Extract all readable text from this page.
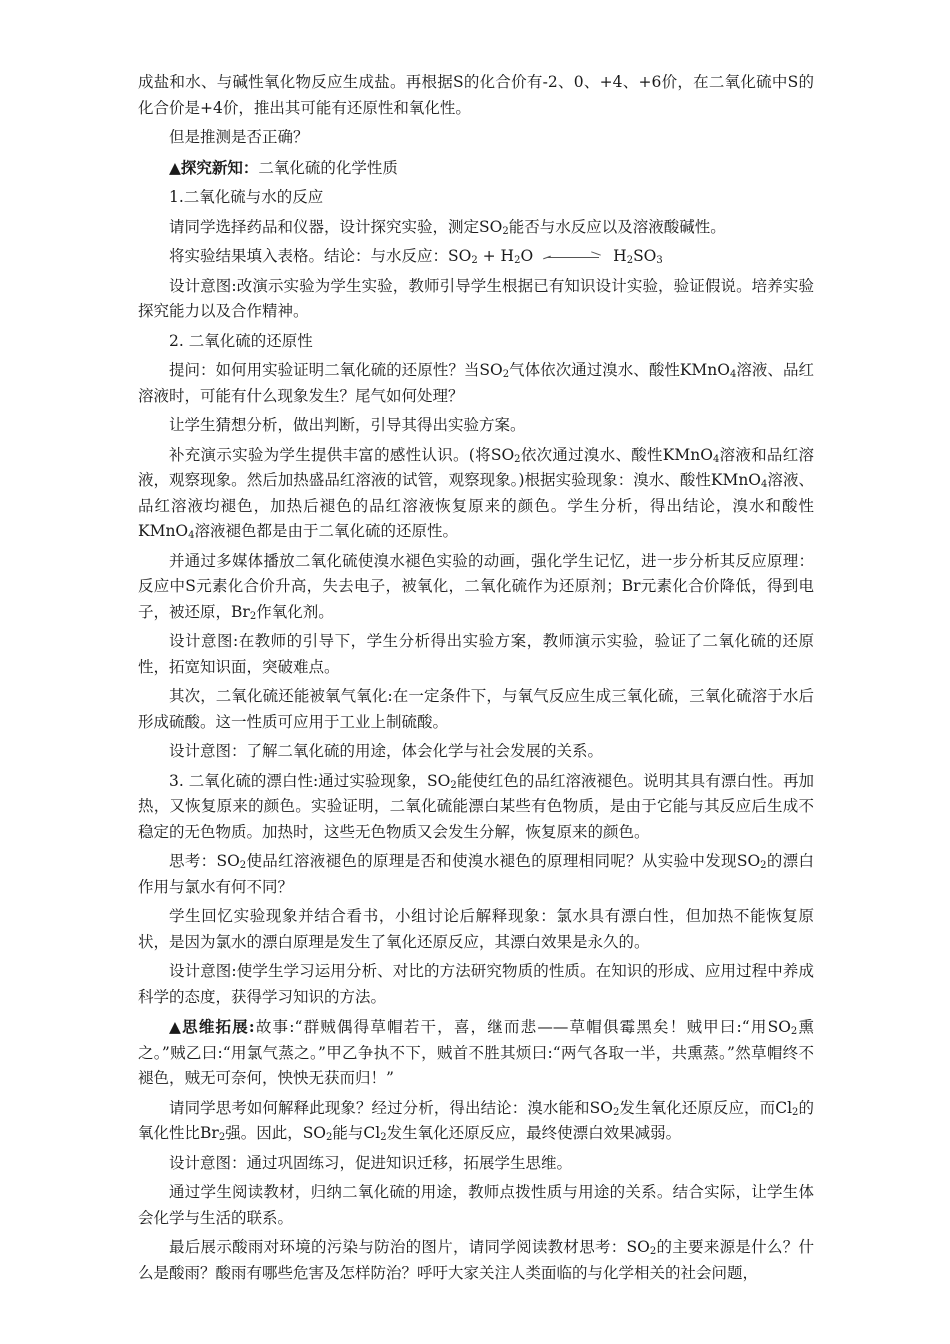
成盐和水、与碱性氧化物反应生成盐。再根据S的化合价有-2、0、+4、+6价，在二氧化硫中S的化合价是+4价，推出其可能有还原性和氧化性。

但是推测是否正确？

▲探究新知：二氧化硫的化学性质

1.二氧化硫与水的反应

请同学选择药品和仪器，设计探究实验，测定$SO_2$能否与水反应以及溶液酸碱性。

将实验结果填入表格。结论：与水反应：$SO_2 + H_2O$	$H_2SO_3$

设计意图:改演示实验为学生实验，教师引导学生根据已有知识设计实验，验证假说。培养实验探究能力以及合作精神。

2. 二氧化硫的还原性

提问：如何用实验证明二氧化硫的还原性？当$SO_2$气体依次通过溴水、酸性KMnO$_4$溶液、品红溶液时，可能有什么现象发生？尾气如何处理？

让学生猜想分析，做出判断，引导其得出实验方案。

补充演示实验为学生提供丰富的感性认识。(将$SO_2$依次通过溴水、酸性KMnO$_4$溶液和品红溶液，观察现象。然后加热盛品红溶液的试管，观察现象。)根据实验现象：溴水、酸性KMnO$_4$溶液、品红溶液均褪色，加热后褪色的品红溶液恢复原来的颜色。学生分析，得出结论，溴水和酸性KMnO$_4$溶液褪色都是由于二氧化硫的还原性。

并通过多媒体播放二氧化硫使溴水褪色实验的动画，强化学生记忆，进一步分析其反应原理：反应中S元素化合价升高，失去电子，被氧化，二氧化硫作为还原剂；Br元素化合价降低，得到电子，被还原，$Br_2$作氧化剂。

设计意图:在教师的引导下，学生分析得出实验方案，教师演示实验，验证了二氧化硫的还原性，拓宽知识面，突破难点。

其次，二氧化硫还能被氧气氧化:在一定条件下，与氧气反应生成三氧化硫，三氧化硫溶于水后形成硫酸。这一性质可应用于工业上制硫酸。

设计意图：了解二氧化硫的用途，体会化学与社会发展的关系。

3. 二氧化硫的漂白性:通过实验现象，$SO_2$能使红色的品红溶液褪色。说明其具有漂白性。再加热，又恢复原来的颜色。实验证明，二氧化硫能漂白某些有色物质，是由于它能与其反应后生成不稳定的无色物质。加热时，这些无色物质又会发生分解，恢复原来的颜色。

思考：$SO_2$使品红溶液褪色的原理是否和使溴水褪色的原理相同呢？从实验中发现$SO_2$的漂白作用与氯水有何不同？

学生回忆实验现象并结合看书，小组讨论后解释现象：氯水具有漂白性，但加热不能恢复原状，是因为氯水的漂白原理是发生了氧化还原反应，其漂白效果是永久的。

设计意图:使学生学习运用分析、对比的方法研究物质的性质。在知识的形成、应用过程中养成科学的态度，获得学习知识的方法。

▲思维拓展:故事:“群贼偶得草帽若干，喜，继而悲——草帽俱霉黑矣！贼甲曰:“用$SO_2$熏之。”贼乙曰:“用氯气蒸之。”甲乙争执不下，贼首不胜其烦曰:“两气各取一半，共熏蒸。”然草帽终不褪色，贼无可奈何，怏怏无获而归！”

请同学思考如何解释此现象？经过分析，得出结论：溴水能和$SO_2$发生氧化还原反应，而$Cl_2$的氧化性比$Br_2$强。因此，$SO_2$能与$Cl_2$发生氧化还原反应，最终使漂白效果减弱。

设计意图：通过巩固练习，促进知识迁移，拓展学生思维。

通过学生阅读教材，归纳二氧化硫的用途，教师点拨性质与用途的关系。结合实际，让学生体会化学与生活的联系。

最后展示酸雨对环境的污染与防治的图片，请同学阅读教材思考：$SO_2$的主要来源是什么？什么是酸雨？酸雨有哪些危害及怎样防治？呼吁大家关注人类面临的与化学相关的社会问题，
